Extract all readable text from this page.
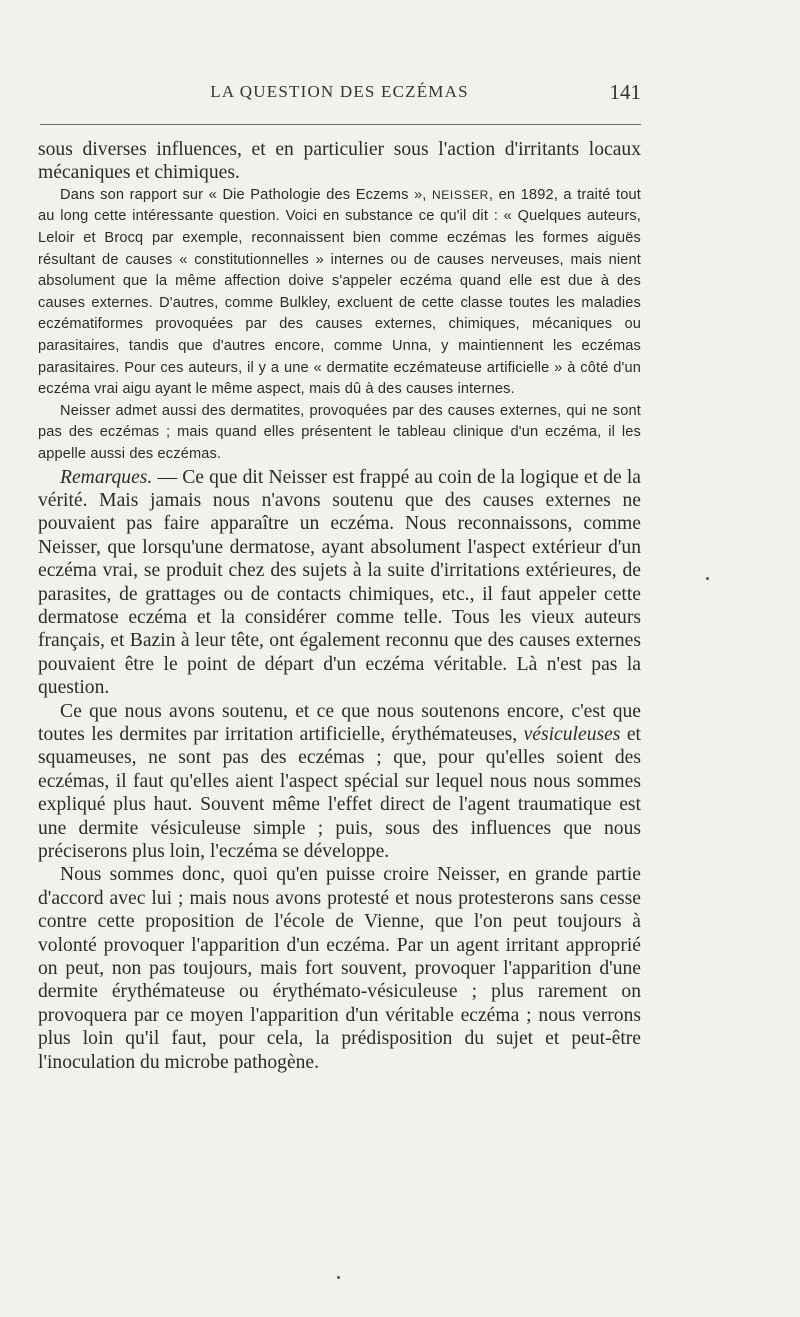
LA QUESTION DES ECZÉMAS	141

sous diverses influences, et en particulier sous l'action d'irritants locaux mécaniques et chimiques.

Dans son rapport sur « Die Pathologie des Eczems », NEISSER, en 1892, a traité tout au long cette intéressante question. Voici en substance ce qu'il dit : « Quelques auteurs, Leloir et Brocq par exemple, reconnaissent bien comme eczémas les formes aiguës résultant de causes « constitutionnelles » internes ou de causes nerveuses, mais nient absolument que la même affection doive s'appeler eczéma quand elle est due à des causes externes. D'autres, comme Bulkley, excluent de cette classe toutes les maladies eczématiformes provoquées par des causes externes, chimiques, mécaniques ou parasitaires, tandis que d'autres encore, comme Unna, y maintiennent les eczémas parasitaires. Pour ces auteurs, il y a une « dermatite eczémateuse artificielle » à côté d'un eczéma vrai aigu ayant le même aspect, mais dû à des causes internes.

Neisser admet aussi des dermatites, provoquées par des causes externes, qui ne sont pas des eczémas ; mais quand elles présentent le tableau clinique d'un eczéma, il les appelle aussi des eczémas.

Remarques. — Ce que dit Neisser est frappé au coin de la logique et de la vérité. Mais jamais nous n'avons soutenu que des causes externes ne pouvaient pas faire apparaître un eczéma. Nous reconnaissons, comme Neisser, que lorsqu'une dermatose, ayant absolument l'aspect extérieur d'un eczéma vrai, se produit chez des sujets à la suite d'irritations extérieures, de parasites, de grattages ou de contacts chimiques, etc., il faut appeler cette dermatose eczéma et la considérer comme telle. Tous les vieux auteurs français, et Bazin à leur tête, ont également reconnu que des causes externes pouvaient être le point de départ d'un eczéma véritable. Là n'est pas la question.

Ce que nous avons soutenu, et ce que nous soutenons encore, c'est que toutes les dermites par irritation artificielle, érythémateuses, vésiculeuses et squameuses, ne sont pas des eczémas ; que, pour qu'elles soient des eczémas, il faut qu'elles aient l'aspect spécial sur lequel nous nous sommes expliqué plus haut. Souvent même l'effet direct de l'agent traumatique est une dermite vésiculeuse simple ; puis, sous des influences que nous préciserons plus loin, l'eczéma se développe.

Nous sommes donc, quoi qu'en puisse croire Neisser, en grande partie d'accord avec lui ; mais nous avons protesté et nous protesterons sans cesse contre cette proposition de l'école de Vienne, que l'on peut toujours à volonté provoquer l'apparition d'un eczéma. Par un agent irritant approprié on peut, non pas toujours, mais fort souvent, provoquer l'apparition d'une dermite érythémateuse ou érythémato-vésiculeuse ; plus rarement on provoquera par ce moyen l'apparition d'un véritable eczéma ; nous verrons plus loin qu'il faut, pour cela, la prédisposition du sujet et peut-être l'inoculation du microbe pathogène.
